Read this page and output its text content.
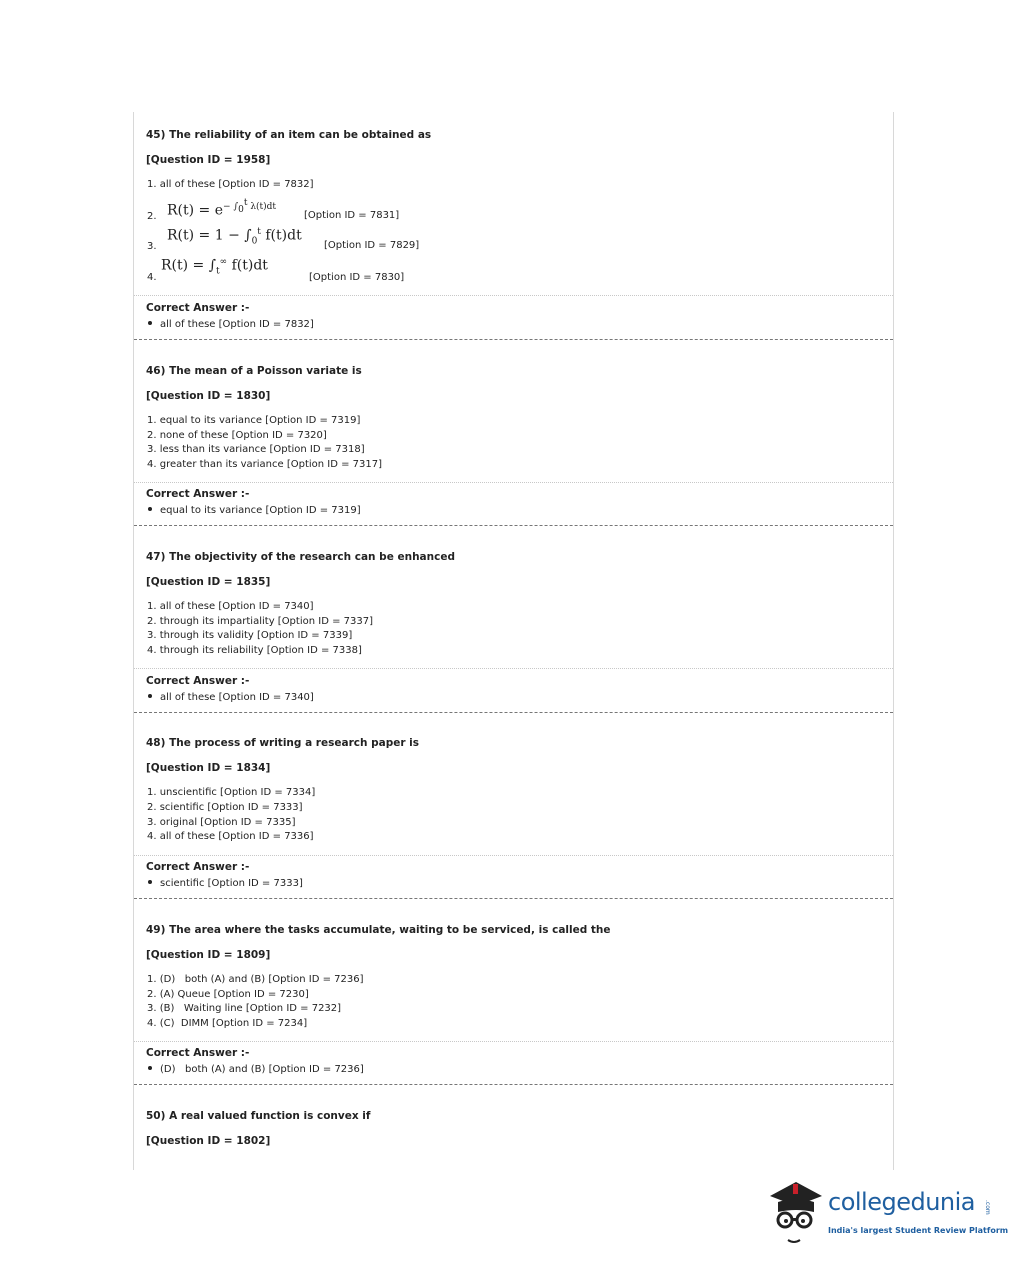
45) The reliability of an item can be obtained as
[Question ID = 1958]
1. all of these [Option ID = 7832]
2. $R(t) = e^{- \int_0^t \lambda(t)dt}$
[Option ID = 7831]
3.
$R(t) = 1 - \int_0^t$ f(t)dt
[Option ID = 7829]
4.
$R(t) = \int_t^\infty$ f(t)dt
[Option ID = 7830]
Correct Answer :-
all of these [Option ID = 7832]
46) The mean of a Poisson variate is
[Question ID = 1830]
1. equal to its variance [Option ID = 7319]
2. none of these [Option ID = 7320]
3. less than its variance [Option ID = 7318]
4. greater than its variance [Option ID = 7317]
Correct Answer :-
equal to its variance [Option ID = 7319]
47) The objectivity of the research can be enhanced
[Question ID = 1835]
1. all of these [Option ID = 7340]
2. through its impartiality [Option ID = 7337]
3. through its validity [Option ID = 7339]
4. through its reliability [Option ID = 7338]
Correct Answer :-
all of these [Option ID = 7340]
48) The process of writing a research paper is
[Question ID = 1834]
1. unscientific [Option ID = 7334]
2. scientific [Option ID = 7333]
3. original [Option ID = 7335]
4. all of these [Option ID = 7336]
Correct Answer :-
scientific [Option ID = 7333]
49) The area where the tasks accumulate, waiting to be serviced, is called the
[Question ID = 1809]
1. (D)   both (A) and (B) [Option ID = 7236]
2. (A) Queue [Option ID = 7230]
3. (B)   Waiting line [Option ID = 7232]
4. (C)  DIMM [Option ID = 7234]
Correct Answer :-
(D)   both (A) and (B) [Option ID = 7236]
50) A real valued function is convex if
[Question ID = 1802]
collegedunia .com
India's largest Student Review Platform
